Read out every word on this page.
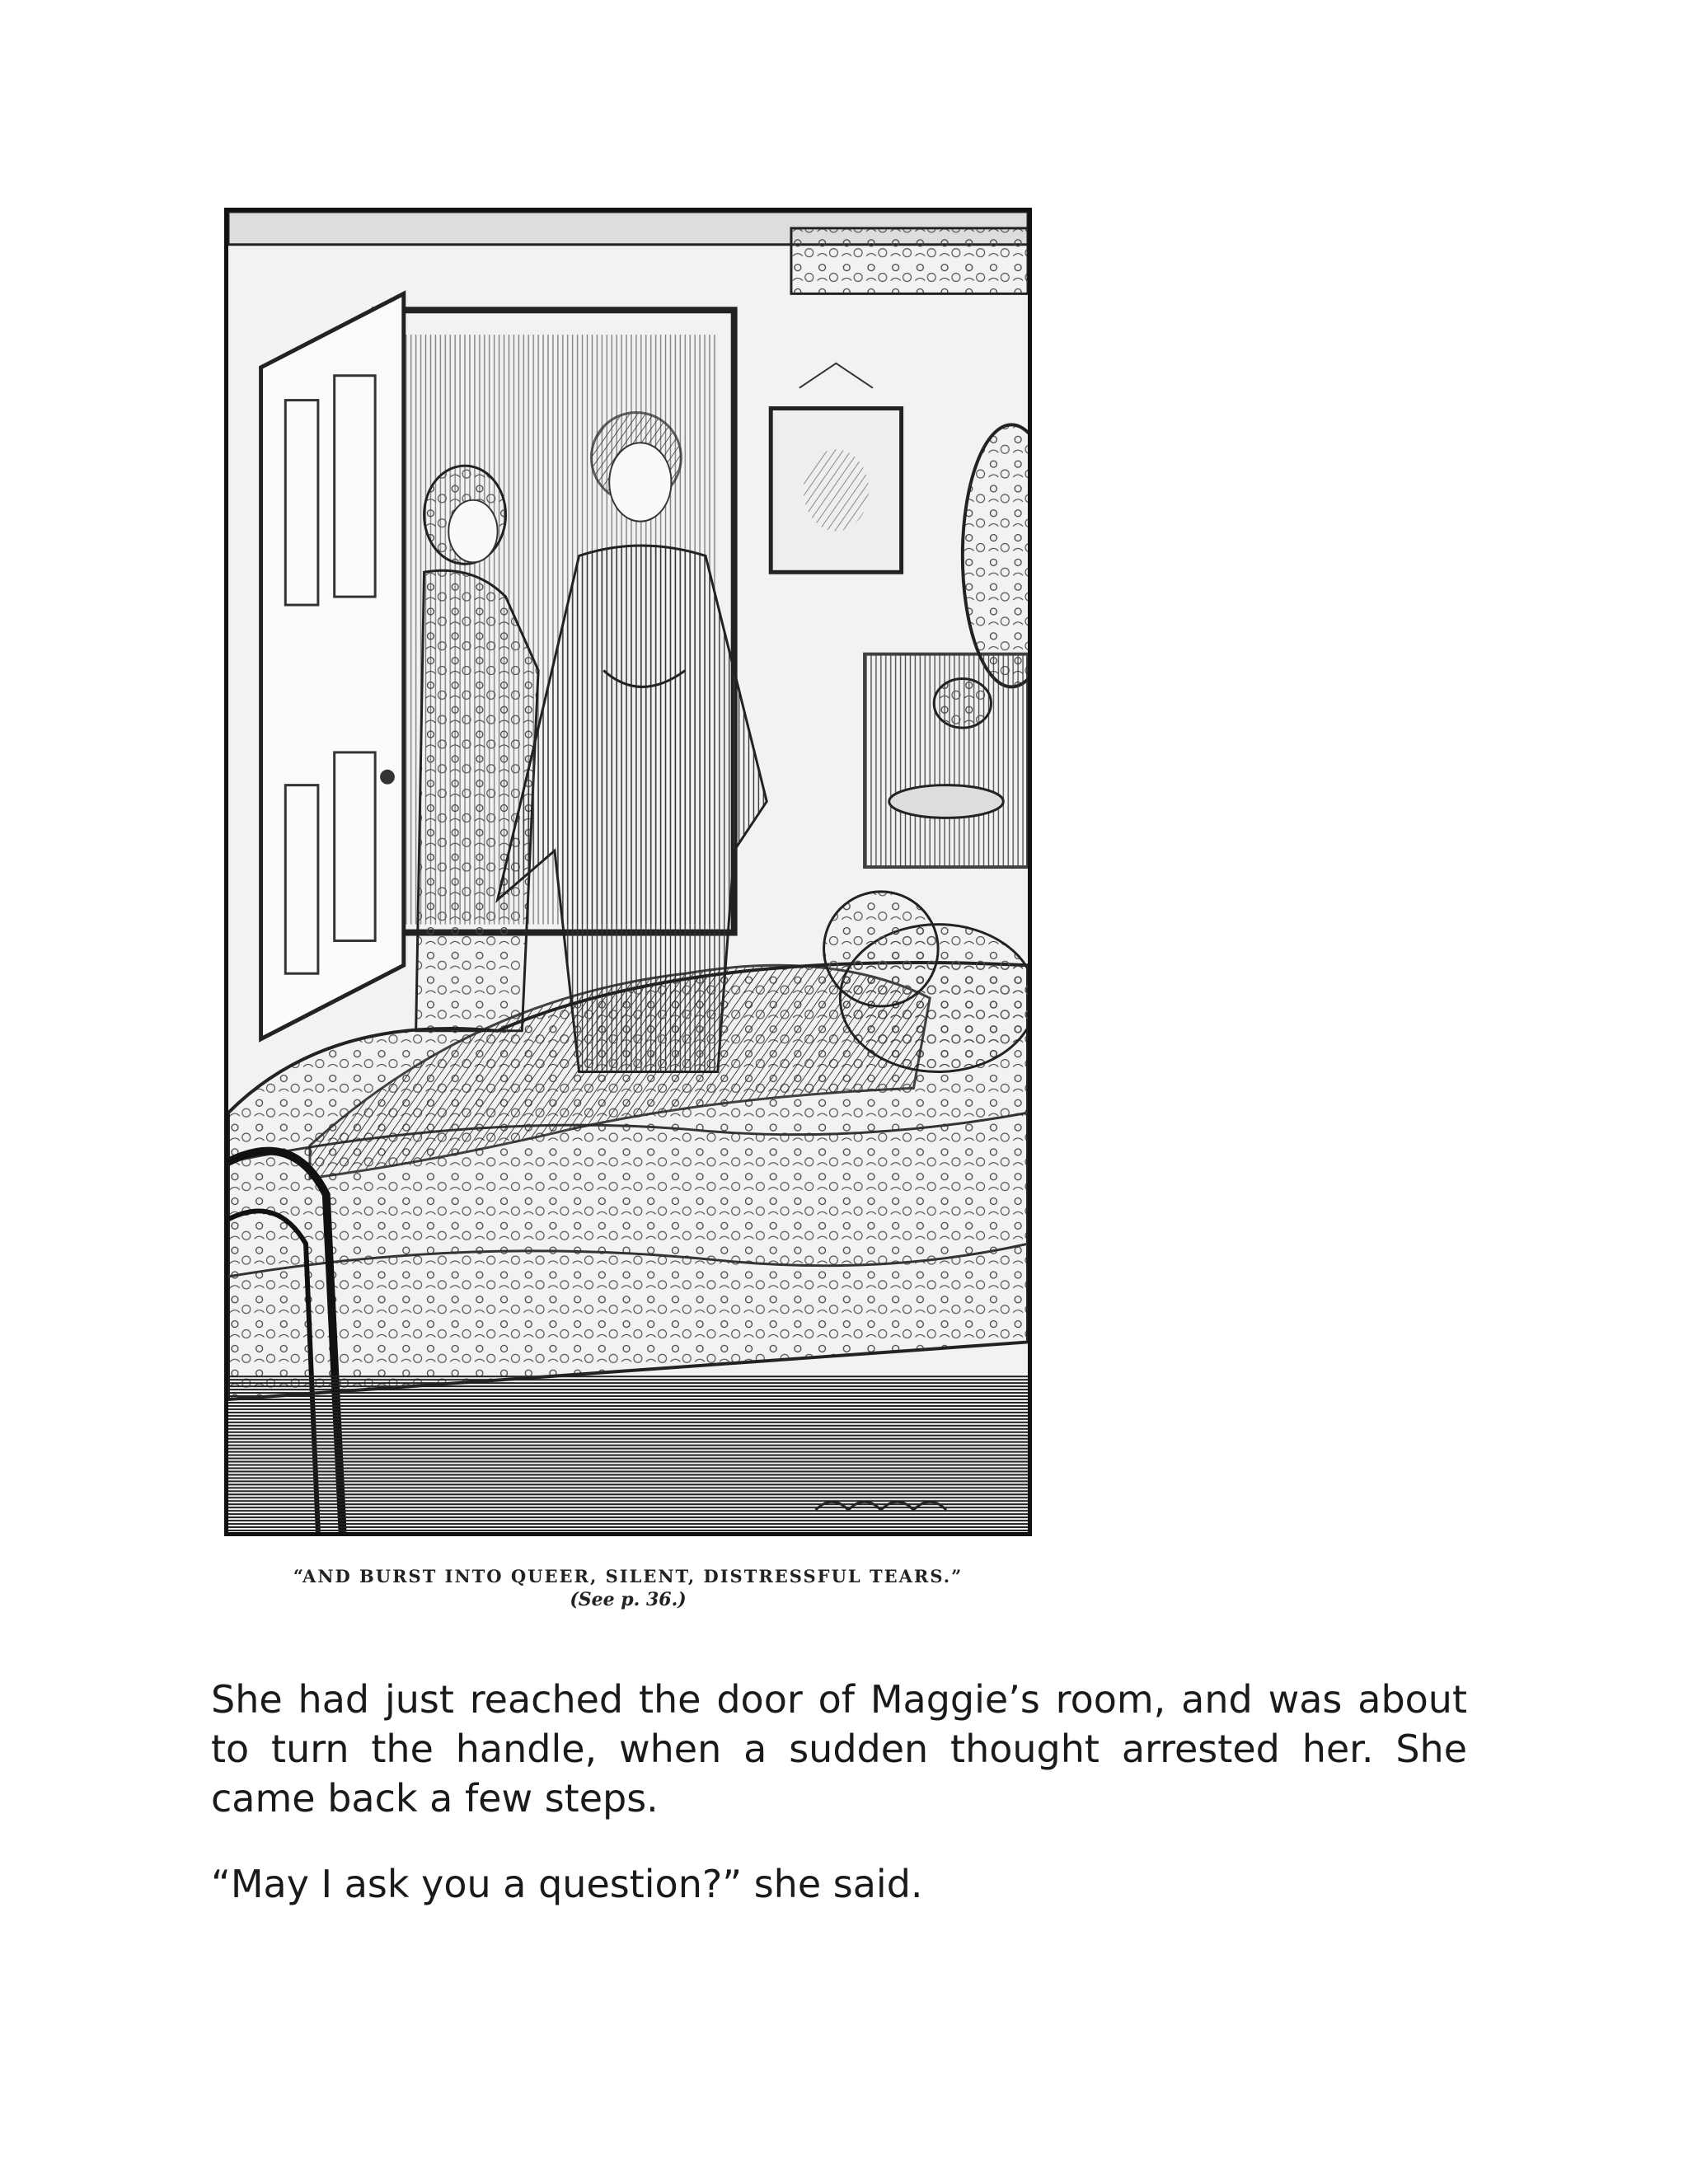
“AND BURST INTO QUEER, SILENT, DISTRESSFUL TEARS.”
(See p. 36.)

She had just reached the door of Maggie’s room, and was about to turn the handle, when a sudden thought arrested her. She came back a few steps.

“May I ask you a question?” she said.
